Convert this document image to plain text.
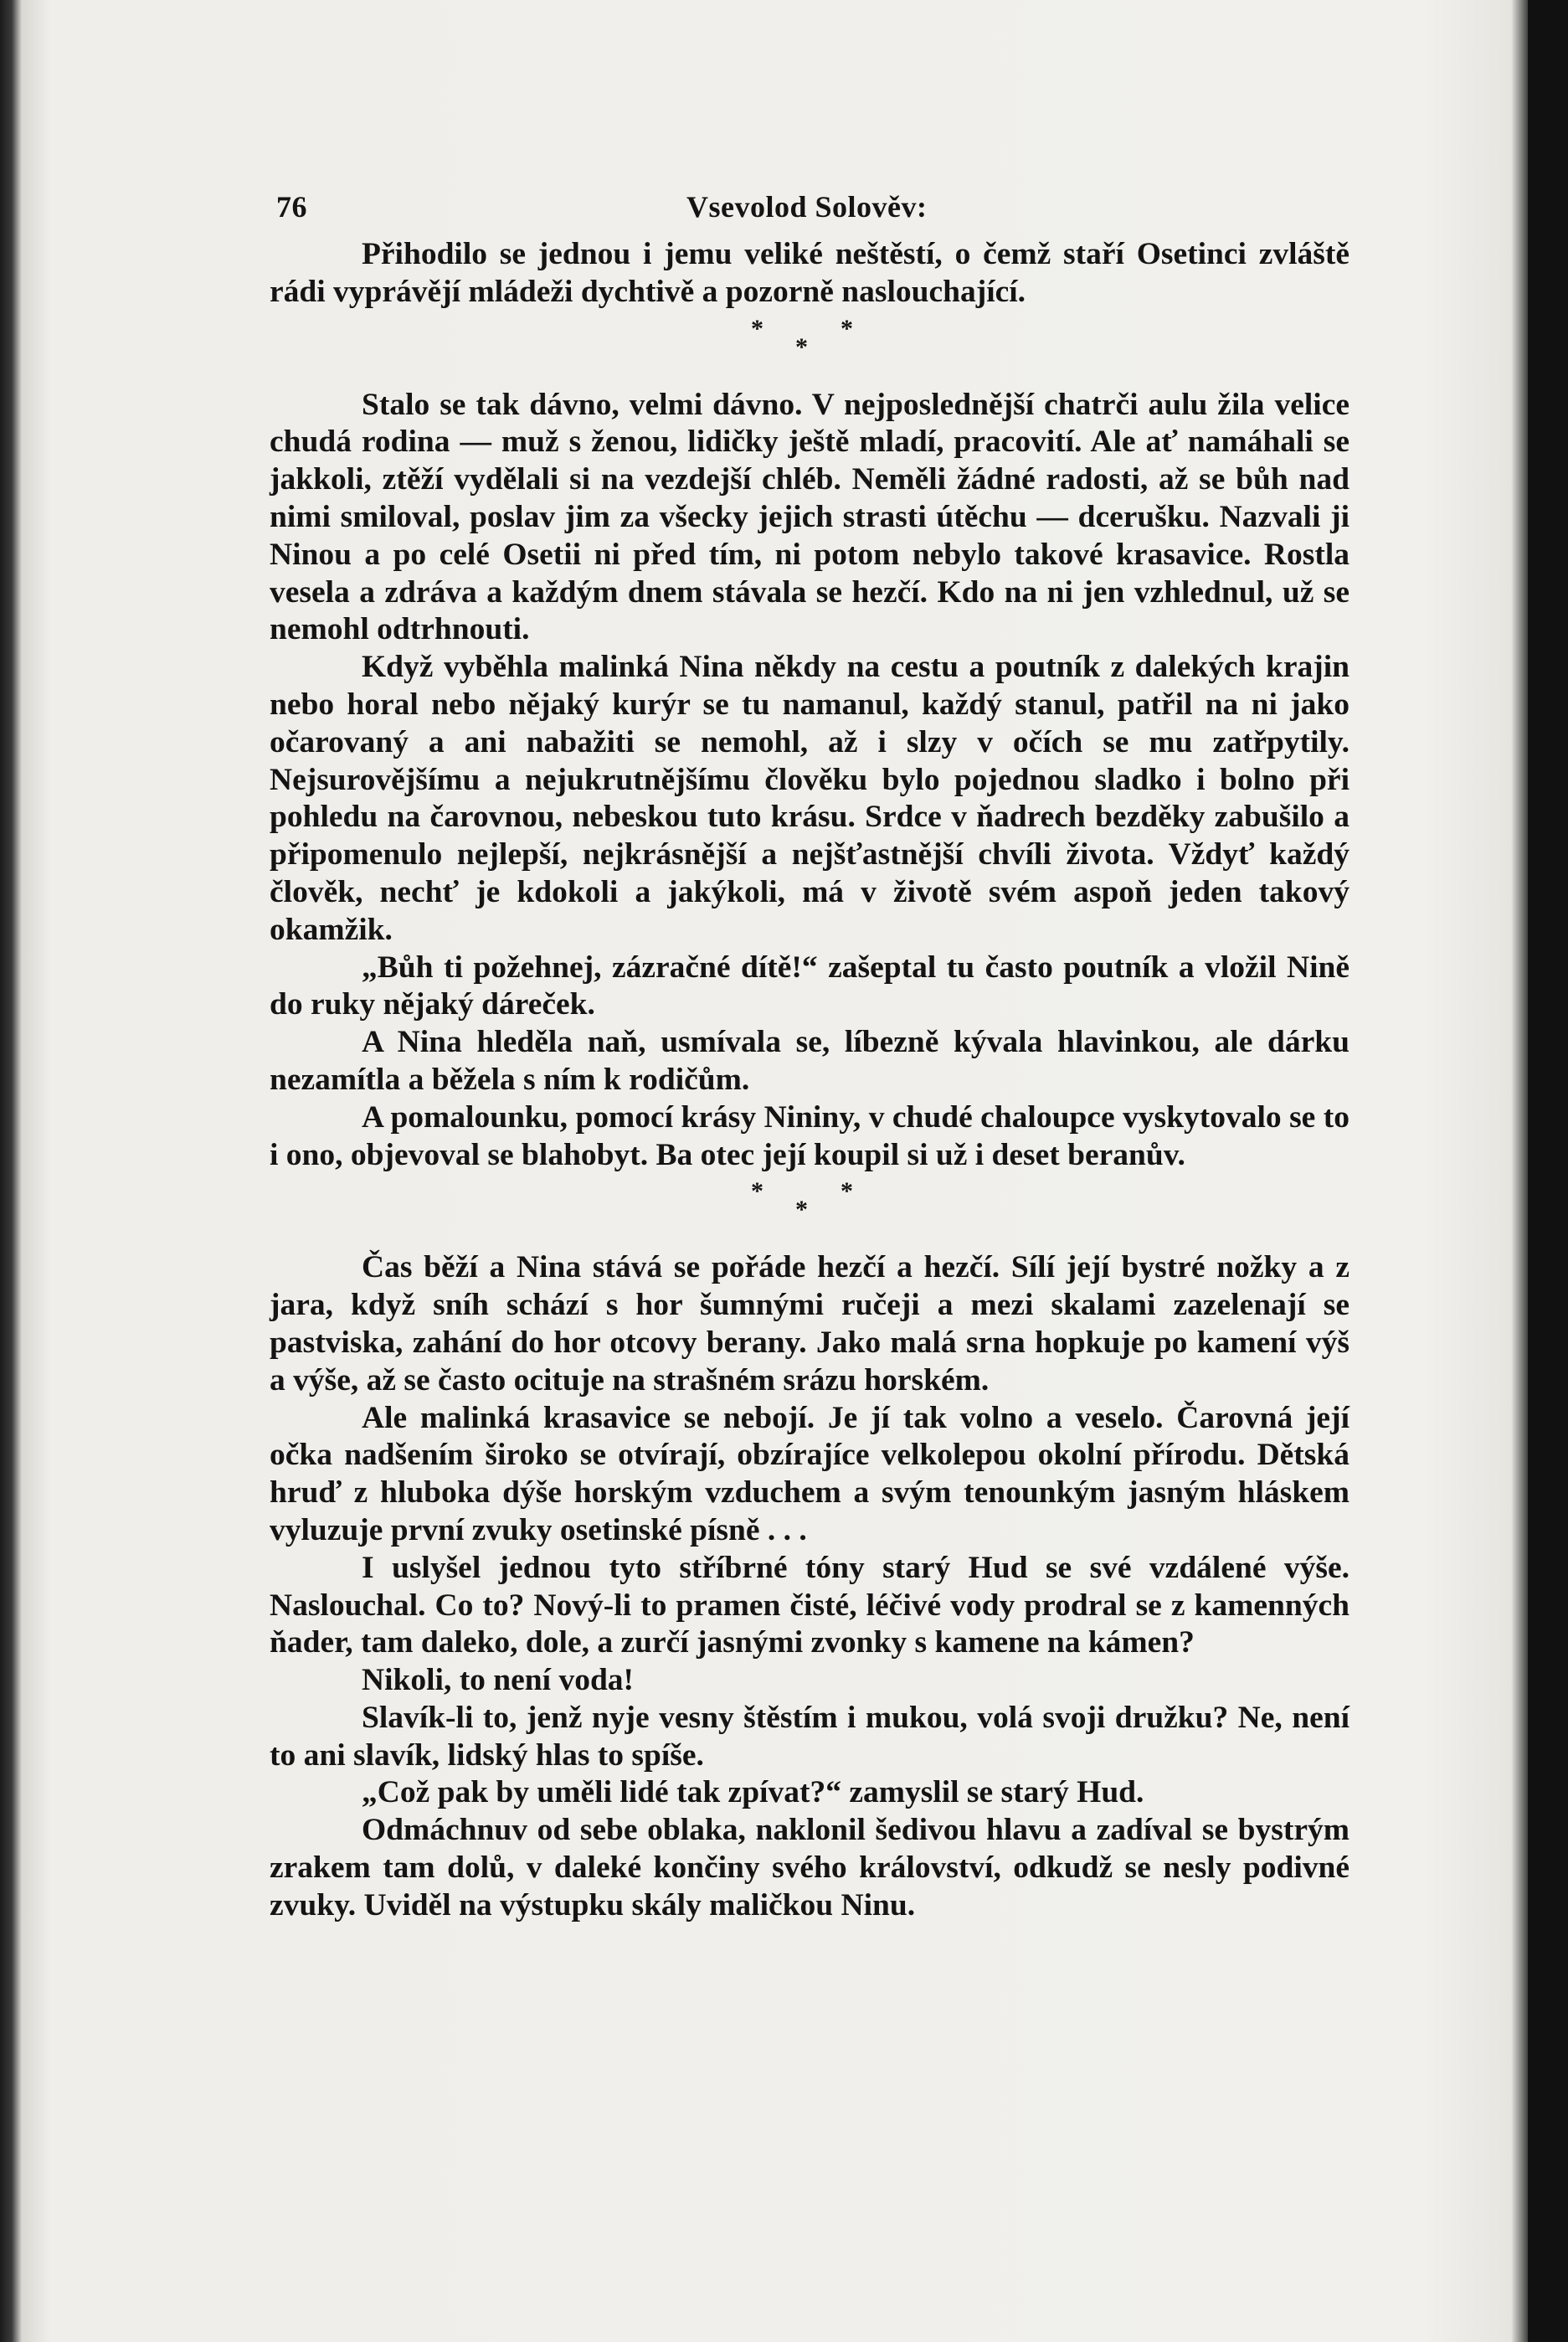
76	Vsevolod Solověv:

Přihodilo se jednou i jemu veliké neštěstí, o čemž staří Osetinci zvláště rádi vyprávějí mládeži dychtivě a pozorně naslouchající.

*	*
*

Stalo se tak dávno, velmi dávno. V nejposlednější chatrči aulu žila velice chudá rodina — muž s ženou, lidičky ještě mladí, pracovití. Ale ať namáhali se jakkoli, ztěží vydělali si na vezdejší chléb. Neměli žádné radosti, až se bůh nad nimi smiloval, poslav jim za všecky jejich strasti útěchu — dcerušku. Nazvali ji Ninou a po celé Osetii ni před tím, ni potom nebylo takové krasavice. Rostla vesela a zdráva a každým dnem stávala se hezčí. Kdo na ni jen vzhlednul, už se nemohl odtrhnouti.

Když vyběhla malinká Nina někdy na cestu a poutník z dalekých krajin nebo horal nebo nějaký kurýr se tu namanul, každý stanul, patřil na ni jako očarovaný a ani nabažiti se nemohl, až i slzy v očích se mu zatřpytily. Nejsurovějšímu a nejukrutnějšímu člověku bylo pojednou sladko i bolno při pohledu na čarovnou, nebeskou tuto krásu. Srdce v ňadrech bezděky zabušilo a připomenulo nejlepší, nejkrásnější a nejšťastnější chvíli života. Vždyť každý člověk, nechť je kdokoli a jakýkoli, má v životě svém aspoň jeden takový okamžik.

„Bůh ti požehnej, zázračné dítě!“ zašeptal tu často poutník a vložil Nině do ruky nějaký dáreček.

A Nina hleděla naň, usmívala se, líbezně kývala hlavinkou, ale dárku nezamítla a běžela s ním k rodičům.

A pomalounku, pomocí krásy Nininy, v chudé chaloupce vyskytovalo se to i ono, objevoval se blahobyt. Ba otec její koupil si už i deset beranův.

*	*
*

Čas běží a Nina stává se pořáde hezčí a hezčí. Sílí její bystré nožky a z jara, když sníh schází s hor šumnými ručeji a mezi skalami zazelenají se pastviska, zahání do hor otcovy berany. Jako malá srna hopkuje po kamení výš a výše, až se často ocituje na strašném srázu horském.

Ale malinká krasavice se nebojí. Je jí tak volno a veselo. Čarovná její očka nadšením široko se otvírají, obzírajíce velkolepou okolní přírodu. Dětská hruď z hluboka dýše horským vzduchem a svým tenounkým jasným hláskem vyluzuje první zvuky osetinské písně . . .

I uslyšel jednou tyto stříbrné tóny starý Hud se své vzdálené výše. Naslouchal. Co to? Nový-li to pramen čisté, léčivé vody prodral se z kamenných ňader, tam daleko, dole, a zurčí jasnými zvonky s kamene na kámen?

Nikoli, to není voda!

Slavík-li to, jenž nyje vesny štěstím i mukou, volá svoji družku? Ne, není to ani slavík, lidský hlas to spíše.

„Což pak by uměli lidé tak zpívat?“ zamyslil se starý Hud.

Odmáchnuv od sebe oblaka, naklonil šedivou hlavu a zadíval se bystrým zrakem tam dolů, v daleké končiny svého království, odkudž se nesly podivné zvuky. Uviděl na výstupku skály maličkou Ninu.
